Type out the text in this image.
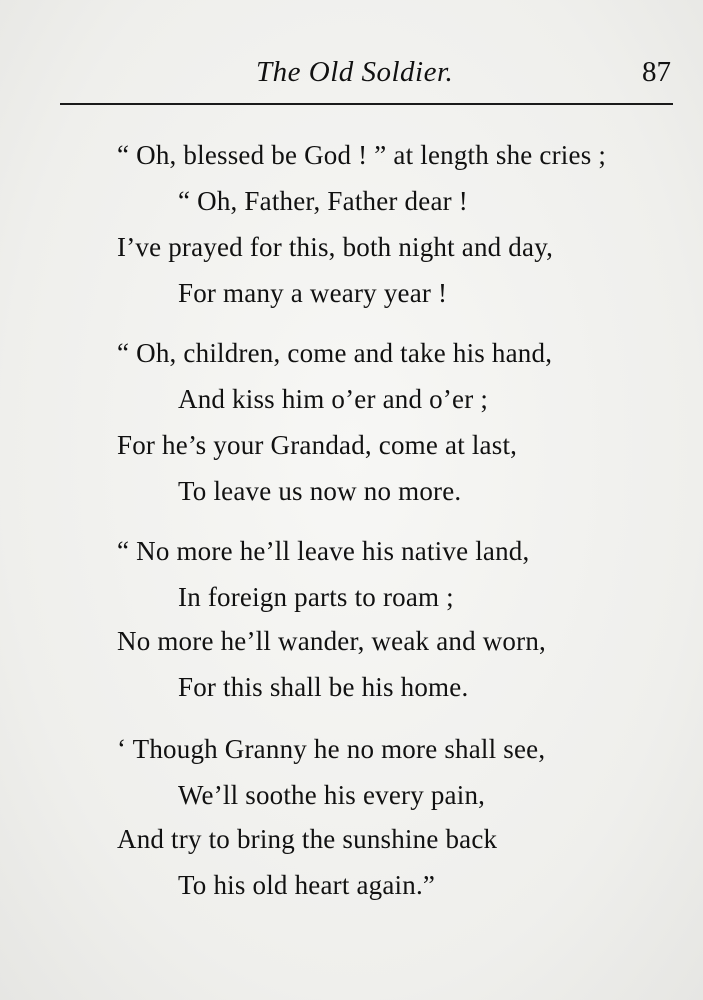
The Old Soldier.	87
“ Oh, blessed be God ! ” at length she cries ;
“ Oh, Father, Father dear !
I’ve prayed for this, both night and day,
For many a weary year !
“ Oh, children, come and take his hand,
And kiss him o’er and o’er ;
For he’s your Grandad, come at last,
To leave us now no more.
“ No more he’ll leave his native land,
In foreign parts to roam ;
No more he’ll wander, weak and worn,
For this shall be his home.
‘ Though Granny he no more shall see,
We’ll soothe his every pain,
And try to bring the sunshine back
To his old heart again.”
